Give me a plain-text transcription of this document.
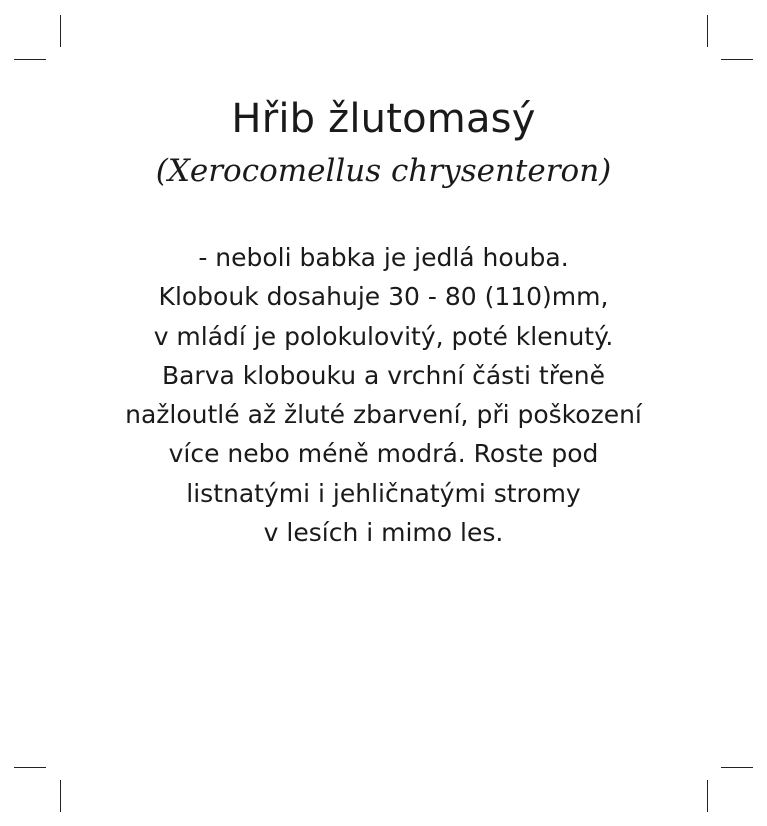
Hřib žlutomasý
(Xerocomellus chrysenteron)
- neboli babka je jedlá houba.
Klobouk dosahuje 30 - 80 (110)mm,
v mládí je polokulovitý, poté klenutý.
Barva klobouku a vrchní části třeně
nažloutlé až žluté zbarvení, při poškození
více nebo méně modrá. Roste pod
listnatými i jehličnatými stromy
v lesích i mimo les.
